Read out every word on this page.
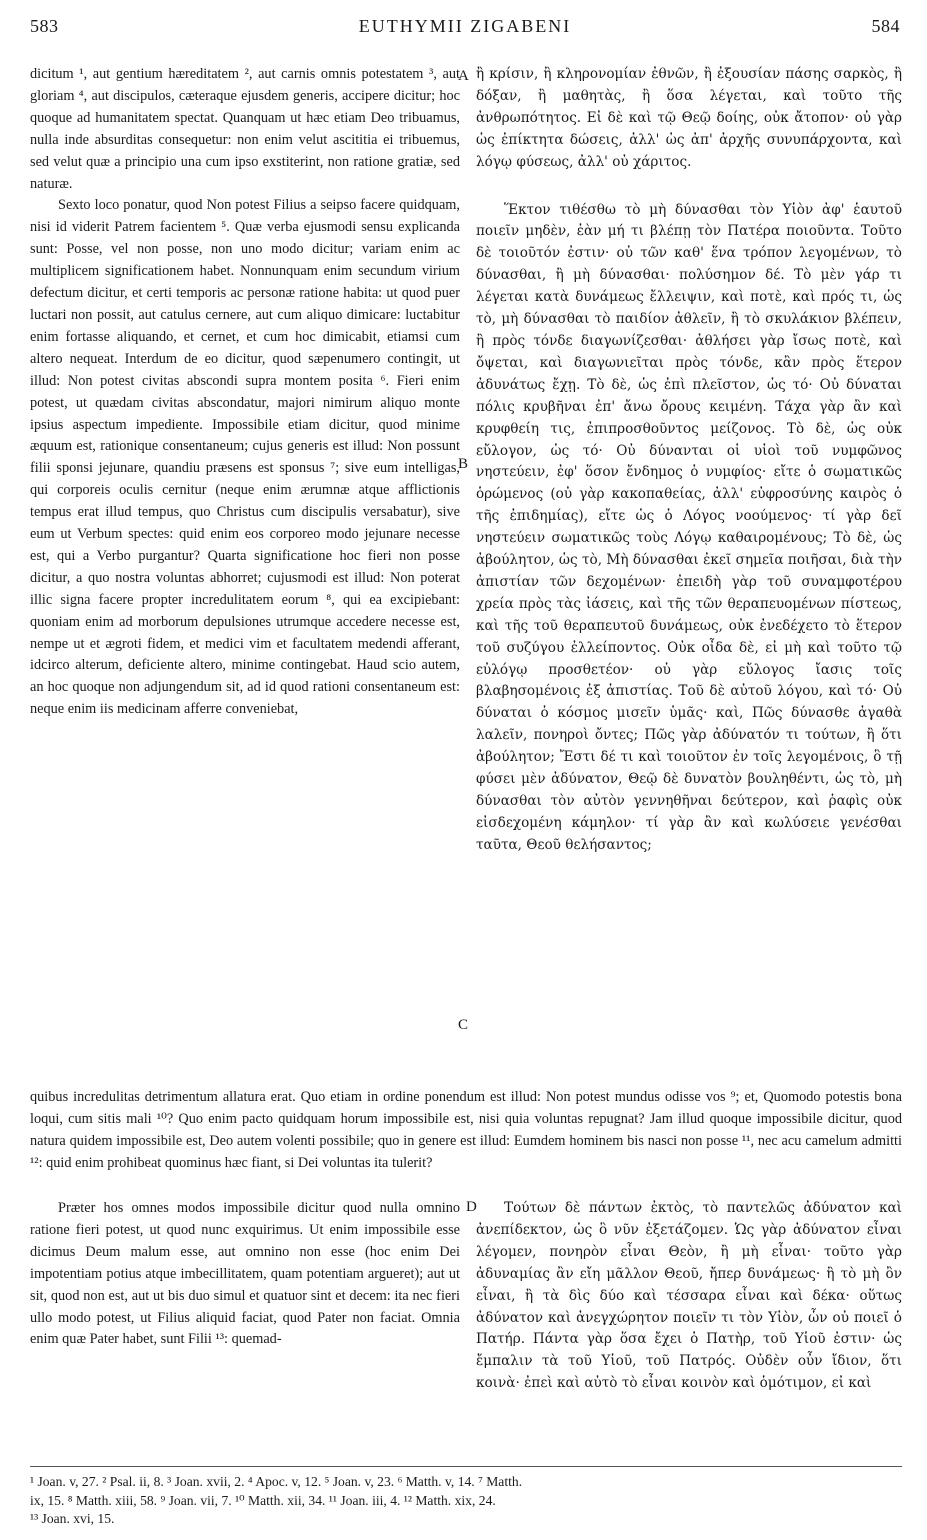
583	EUTHYMII ZIGABENI	584
A
B
C
D

dicitum ¹, aut gentium hæreditatem ², aut carnis omnis potestatem ³, aut gloriam ⁴, aut discipulos, cæteraque ejusdem generis, accipere dicitur; hoc quoque ad humanitatem spectat. Quanquam ut hæc etiam Deo tribuamus, nulla inde absurditas consequetur: non enim velut ascititia ei tribuemus, sed velut quæ a principio una cum ipso exstiterint, non ratione gratiæ, sed naturæ.

Sexto loco ponatur, quod Non potest Filius a seipso facere quidquam, nisi id viderit Patrem facientem ⁵. Quæ verba ejusmodi sensu explicanda sunt: Posse, vel non posse, non uno modo dicitur; variam enim ac multiplicem significationem habet. Nonnunquam enim secundum virium defectum dicitur, et certi temporis ac personæ ratione habita: ut quod puer luctari non possit, aut catulus cernere, aut cum aliquo dimicare: luctabitur enim fortasse aliquando, et cernet, et cum hoc dimicabit, etiamsi cum altero nequeat. Interdum de eo dicitur, quod sæpenumero contingit, ut illud: Non potest civitas abscondi supra montem posita ⁶. Fieri enim potest, ut quædam civitas abscondatur, majori nimirum aliquo monte ipsius aspectum impediente. Impossibile etiam dicitur, quod minime æquum est, rationique consentaneum; cujus generis est illud: Non possunt filii sponsi jejunare, quandiu præsens est sponsus ⁷; sive eum intelligas, qui corporeis oculis cernitur (neque enim ærumnæ atque afflictionis tempus erat illud tempus, quo Christus cum discipulis versabatur), sive eum ut Verbum spectes: quid enim eos corporeo modo jejunare necesse est, qui a Verbo purgantur? Quarta significatione hoc fieri non posse dicitur, a quo nostra voluntas abhorret; cujusmodi est illud: Non poterat illic signa facere propter incredulitatem eorum ⁸, qui ea excipiebant: quoniam enim ad morborum depulsiones utrumque accedere necesse est, nempe ut et ægroti fidem, et medici vim et facultatem medendi afferant, idcirco alterum, deficiente altero, minime contingebat. Haud scio autem, an hoc quoque non adjungendum sit, ad id quod rationi consentaneum est: neque enim iis medicinam afferre conveniebat,

ἢ κρίσιν, ἢ κληρονομίαν ἐθνῶν, ἢ ἐξουσίαν πάσης σαρκὸς, ἢ δόξαν, ἢ μαθητὰς, ἢ ὅσα λέγεται, καὶ τοῦτο τῆς ἀνθρωπότητος. Εἰ δὲ καὶ τῷ Θεῷ δοίης, οὐκ ἄτοπον· οὐ γὰρ ὡς ἐπίκτητα δώσεις, ἀλλ' ὡς ἀπ' ἀρχῆς συνυπάρχοντα, καὶ λόγῳ φύσεως, ἀλλ' οὐ χάριτος.

Ἕκτον τιθέσθω τὸ μὴ δύνασθαι τὸν Υἱὸν ἀφ' ἑαυτοῦ ποιεῖν μηδὲν, ἐὰν μή τι βλέπῃ τὸν Πατέρα ποιοῦντα. Τοῦτο δὲ τοιοῦτόν ἐστιν· οὐ τῶν καθ' ἕνα τρόπον λεγομένων, τὸ δύνασθαι, ἢ μὴ δύνασθαι· πολύσημον δέ. Τὸ μὲν γάρ τι λέγεται κατὰ δυνάμεως ἔλλειψιν, καὶ ποτὲ, καὶ πρός τι, ὡς τὸ, μὴ δύνασθαι τὸ παιδίον ἀθλεῖν, ἢ τὸ σκυλάκιον βλέπειν, ἢ πρὸς τόνδε διαγωνίζεσθαι· ἀθλήσει γὰρ ἴσως ποτὲ, καὶ ὄψεται, καὶ διαγωνιεῖται πρὸς τόνδε, κἂν πρὸς ἕτερον ἀδυνάτως ἔχῃ. Τὸ δὲ, ὡς ἐπὶ πλεῖστον, ὡς τό· Οὐ δύναται πόλις κρυβῆναι ἐπ' ἄνω ὄρους κειμένη. Τάχα γὰρ ἂν καὶ κρυφθείη τις, ἐπιπροσθοῦντος μείζονος. Τὸ δὲ, ὡς οὐκ εὔλογον, ὡς τό· Οὐ δύνανται οἱ υἱοὶ τοῦ νυμφῶνος νηστεύειν, ἐφ' ὅσον ἔνδημος ὁ νυμφίος· εἴτε ὁ σωματικῶς ὁρώμενος (οὐ γὰρ κακοπαθείας, ἀλλ' εὐφροσύνης καιρὸς ὁ τῆς ἐπιδημίας), εἴτε ὡς ὁ Λόγος νοούμενος· τί γὰρ δεῖ νηστεύειν σωματικῶς τοὺς Λόγῳ καθαιρομένους; Τὸ δὲ, ὡς ἀβούλητον, ὡς τὸ, Μὴ δύνασθαι ἐκεῖ σημεῖα ποιῆσαι, διὰ τὴν ἀπιστίαν τῶν δεχομένων· ἐπειδὴ γὰρ τοῦ συναμφοτέρου χρεία πρὸς τὰς ἰάσεις, καὶ τῆς τῶν θεραπευομένων πίστεως, καὶ τῆς τοῦ θεραπευτοῦ δυνάμεως, οὐκ ἐνεδέχετο τὸ ἕτερον τοῦ συζύγου ἐλλείποντος. Οὐκ οἶδα δὲ, εἰ μὴ καὶ τοῦτο τῷ εὐλόγῳ προσθετέον· οὐ γὰρ εὔλογος ἴασις τοῖς βλαβησομένοις ἐξ ἀπιστίας. Τοῦ δὲ αὐτοῦ λόγου, καὶ τό· Οὐ δύναται ὁ κόσμος μισεῖν ὑμᾶς· καὶ, Πῶς δύνασθε ἀγαθὰ λαλεῖν, πονηροὶ ὄντες; Πῶς γὰρ ἀδύνατόν τι τούτων, ἢ ὅτι ἀβούλητον; Ἔστι δέ τι καὶ τοιοῦτον ἐν τοῖς λεγομένοις, ὃ τῇ φύσει μὲν ἀδύνατον, Θεῷ δὲ δυνατὸν βουληθέντι, ὡς τὸ, μὴ δύνασθαι τὸν αὐτὸν γεννηθῆναι δεύτερον, καὶ ῥαφὶς οὐκ εἰσδεχομένη κάμηλον· τί γὰρ ἂν καὶ κωλύσειε γενέσθαι ταῦτα, Θεοῦ θελήσαντος;

quibus incredulitas detrimentum allatura erat. Quo etiam in ordine ponendum est illud: Non potest mundus odisse vos ⁹; et, Quomodo potestis bona loqui, cum sitis mali ¹⁰? Quo enim pacto quidquam horum impossibile est, nisi quia voluntas repugnat? Jam illud quoque impossibile dicitur, quod natura quidem impossibile est, Deo autem volenti possibile; quo in genere est illud: Eumdem hominem bis nasci non posse ¹¹, nec acu camelum admitti ¹²: quid enim prohibeat quominus hæc fiant, si Dei voluntas ita tulerit?

Præter hos omnes modos impossibile dicitur quod nulla omnino ratione fieri potest, ut quod nunc exquirimus. Ut enim impossibile esse dicimus Deum malum esse, aut omnino non esse (hoc enim Dei impotentiam potius atque imbecillitatem, quam potentiam argueret); aut ut sit, quod non est, aut ut bis duo simul et quatuor sint et decem: ita nec fieri ullo modo potest, ut Filius aliquid faciat, quod Pater non faciat. Omnia enim quæ Pater habet, sunt Filii ¹³: quemad-

Τούτων δὲ πάντων ἐκτὸς, τὸ παντελῶς ἀδύνατον καὶ ἀνεπίδεκτον, ὡς ὃ νῦν ἐξετάζομεν. Ὡς γὰρ ἀδύνατον εἶναι λέγομεν, πονηρὸν εἶναι Θεὸν, ἢ μὴ εἶναι· τοῦτο γὰρ ἀδυναμίας ἂν εἴη μᾶλλον Θεοῦ, ἤπερ δυνάμεως· ἢ τὸ μὴ ὂν εἶναι, ἢ τὰ δὶς δύο καὶ τέσσαρα εἶναι καὶ δέκα· οὕτως ἀδύνατον καὶ ἀνεγχώρητον ποιεῖν τι τὸν Υἱὸν, ὧν οὐ ποιεῖ ὁ Πατήρ. Πάντα γὰρ ὅσα ἔχει ὁ Πατὴρ, τοῦ Υἱοῦ ἐστιν· ὡς ἔμπαλιν τὰ τοῦ Υἱοῦ, τοῦ Πατρός. Οὐδὲν οὖν ἴδιον, ὅτι κοινὰ· ἐπεὶ καὶ αὐτὸ τὸ εἶναι κοινὸν καὶ ὁμότιμον, εἰ καὶ

¹ Joan. v, 27. ² Psal. ii, 8. ³ Joan. xvii, 2. ⁴ Apoc. v, 12. ⁵ Joan. v, 23. ⁶ Matth. v, 14. ⁷ Matth.

ix, 15. ⁸ Matth. xiii, 58. ⁹ Joan. vii, 7. ¹⁰ Matth. xii, 34. ¹¹ Joan. iii, 4. ¹² Matth. xix, 24.

¹³ Joan. xvi, 15.
